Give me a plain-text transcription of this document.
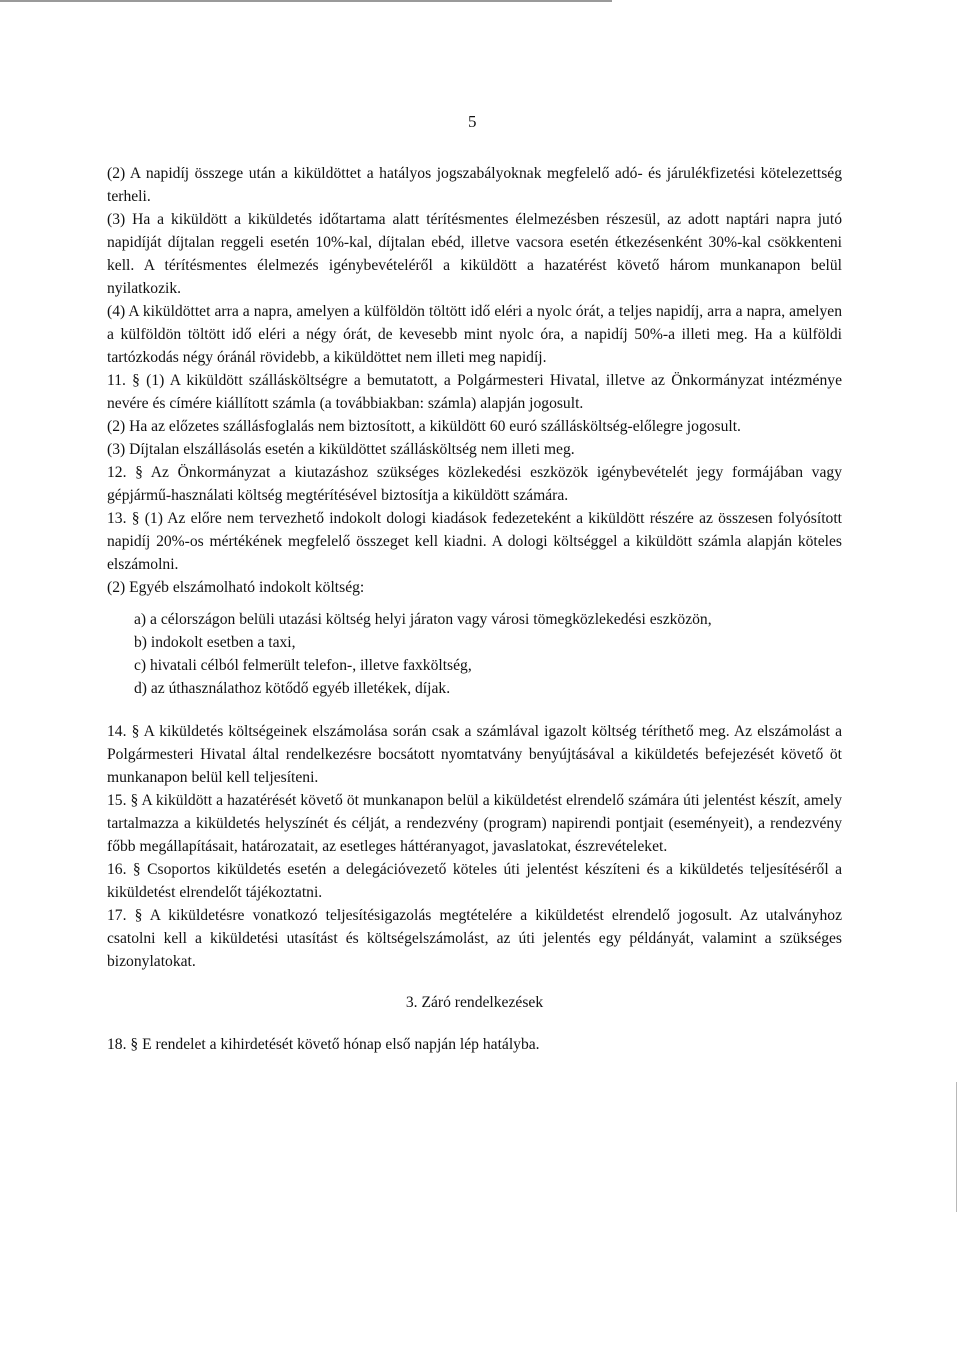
5

(2) A napidíj összege után a kiküldöttet a hatályos jogszabályoknak megfelelő adó- és járulékfizetési kötelezettség terheli.

(3) Ha a kiküldött a kiküldetés időtartama alatt térítésmentes élelmezésben részesül, az adott naptári napra jutó napidíját díjtalan reggeli esetén 10%-kal, díjtalan ebéd, illetve vacsora esetén étkezésenként 30%-kal csökkenteni kell. A térítésmentes élelmezés igénybevételéről a kiküldött a hazatérést követő három munkanapon belül nyilatkozik.

(4) A kiküldöttet arra a napra, amelyen a külföldön töltött idő eléri a nyolc órát, a teljes napidíj, arra a napra, amelyen a külföldön töltött idő eléri a négy órát, de kevesebb mint nyolc óra, a napidíj 50%-a illeti meg. Ha a külföldi tartózkodás négy óránál rövidebb, a kiküldöttet nem illeti meg napidíj.

11. § (1) A kiküldött szállásköltségre a bemutatott, a Polgármesteri Hivatal, illetve az Önkormányzat intézménye nevére és címére kiállított számla (a továbbiakban: számla) alapján jogosult.

(2) Ha az előzetes szállásfoglalás nem biztosított, a kiküldött 60 euró szállásköltség-előlegre jogosult.

(3) Díjtalan elszállásolás esetén a kiküldöttet szállásköltség nem illeti meg.

12. § Az Önkormányzat a kiutazáshoz szükséges közlekedési eszközök igénybevételét jegy formájában vagy gépjármű-használati költség megtérítésével biztosítja a kiküldött számára.

13. § (1) Az előre nem tervezhető indokolt dologi kiadások fedezeteként a kiküldött részére az összesen folyósított napidíj 20%-os mértékének megfelelő összeget kell kiadni. A dologi költséggel a kiküldött számla alapján köteles elszámolni.

(2) Egyéb elszámolható indokolt költség:

a) a célországon belüli utazási költség helyi járaton vagy városi tömegközlekedési eszközön,

b) indokolt esetben a taxi,

c) hivatali célból felmerült telefon-, illetve faxköltség,

d) az úthasználathoz kötődő egyéb illetékek, díjak.

14. § A kiküldetés költségeinek elszámolása során csak a számlával igazolt költség téríthető meg. Az elszámolást a Polgármesteri Hivatal által rendelkezésre bocsátott nyomtatvány benyújtásával a kiküldetés befejezését követő öt munkanapon belül kell teljesíteni.

15. § A kiküldött a hazatérését követő öt munkanapon belül a kiküldetést elrendelő számára úti jelentést készít, amely tartalmazza a kiküldetés helyszínét és célját, a rendezvény (program) napirendi pontjait (eseményeit), a rendezvény főbb megállapításait, határozatait, az esetleges háttéranyagot, javaslatokat, észrevételeket.

16. § Csoportos kiküldetés esetén a delegációvezető köteles úti jelentést készíteni és a kiküldetés teljesítéséről a kiküldetést elrendelőt tájékoztatni.

17. § A kiküldetésre vonatkozó teljesítésigazolás megtételére a kiküldetést elrendelő jogosult. Az utalványhoz csatolni kell a kiküldetési utasítást és költségelszámolást, az úti jelentés egy példányát, valamint a szükséges bizonylatokat.

3. Záró rendelkezések

18. § E rendelet a kihirdetését követő hónap első napján lép hatályba.
